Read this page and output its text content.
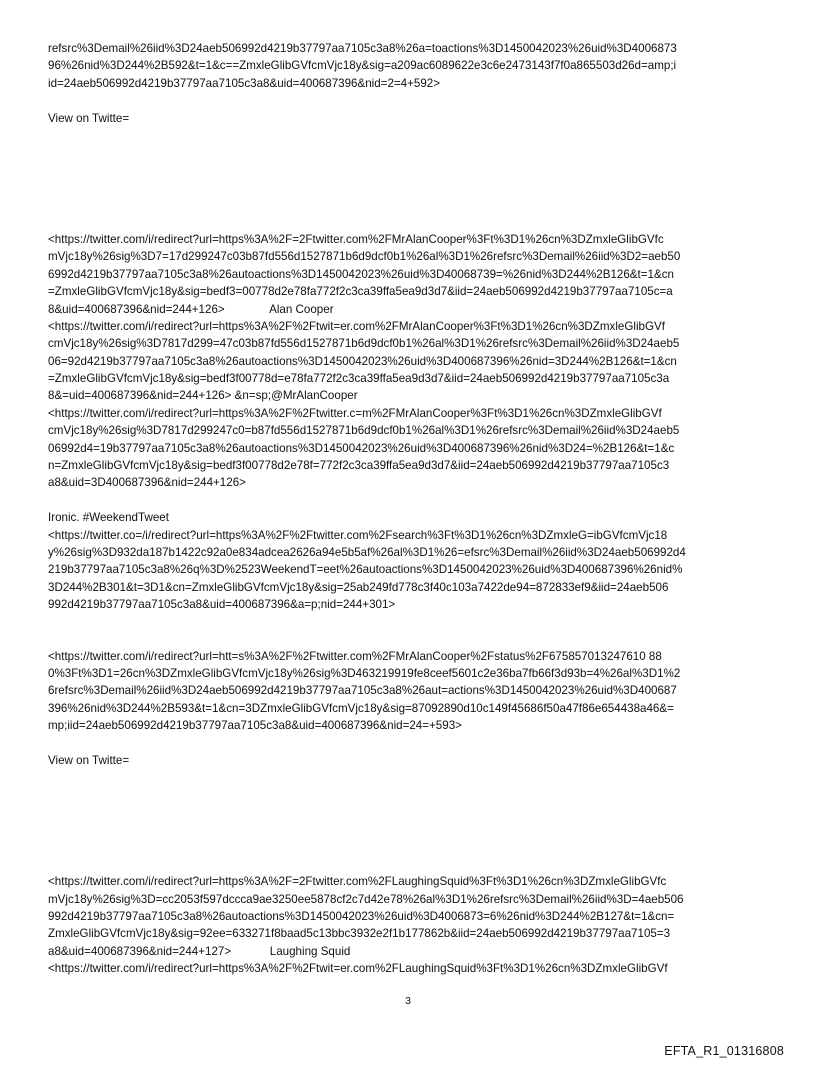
refsrc%3Demail%26iid%3D24aeb506992d4219b37797aa7105c3a8%26a=toactions%3D1450042023%26uid%3D4006873
96%26nid%3D244%2B592&t=1&c==ZmxleGlibGVfcmVjc18y&sig=a209ac6089622e3c6e2473143f7f0a865503d26d=amp;i
id=24aeb506992d4219b37797aa7105c3a8&uid=400687396&nid=2=4+592>
View on Twitte=
<https://twitter.com/i/redirect?url=https%3A%2F=2Ftwitter.com%2FMrAlanCooper%3Ft%3D1%26cn%3DZmxleGlibGVfc
mVjc18y%26sig%3D7=17d299247c03b87fd556d1527871b6d9dcf0b1%26al%3D1%26refsrc%3Demail%26iid%3D2=aeb50
6992d4219b37797aa7105c3a8%26autoactions%3D1450042023%26uid%3D40068739=%26nid%3D244%2B126&t=1&cn
=ZmxleGlibGVfcmVjc18y&sig=bedf3=00778d2e78fa772f2c3ca39ffa5ea9d3d7&iid=24aeb506992d4219b37797aa7105c=a
8&uid=400687396&nid=244+126>              Alan Cooper
<https://twitter.com/i/redirect?url=https%3A%2F%2Ftwit=er.com%2FMrAlanCooper%3Ft%3D1%26cn%3DZmxleGlibGVf
cmVjc18y%26sig%3D7817d299=47c03b87fd556d1527871b6d9dcf0b1%26al%3D1%26refsrc%3Demail%26iid%3D24aeb5
06=92d4219b37797aa7105c3a8%26autoactions%3D1450042023%26uid%3D400687396%26nid=3D244%2B126&t=1&cn
=ZmxleGlibGVfcmVjc18y&sig=bedf3f00778d=e78fa772f2c3ca39ffa5ea9d3d7&iid=24aeb506992d4219b37797aa7105c3a
8&=uid=400687396&nid=244+126> &n=sp;@MrAlanCooper
<https://twitter.com/i/redirect?url=https%3A%2F%2Ftwitter.c=m%2FMrAlanCooper%3Ft%3D1%26cn%3DZmxleGlibGVf
cmVjc18y%26sig%3D7817d299247c0=b87fd556d1527871b6d9dcf0b1%26al%3D1%26refsrc%3Demail%26iid%3D24aeb5
06992d4=19b37797aa7105c3a8%26autoactions%3D1450042023%26uid%3D400687396%26nid%3D24=%2B126&t=1&c
n=ZmxleGlibGVfcmVjc18y&sig=bedf3f00778d2e78f=772f2c3ca39ffa5ea9d3d7&iid=24aeb506992d4219b37797aa7105c3
a8&uid=3D400687396&nid=244+126>
Ironic. #WeekendTweet
<https://twitter.co=/i/redirect?url=https%3A%2F%2Ftwitter.com%2Fsearch%3Ft%3D1%26cn%3DZmxleG=ibGVfcmVjc18
y%26sig%3D932da187b1422c92a0e834adcea2626a94e5b5af%26al%3D1%26=efsrc%3Demail%26iid%3D24aeb506992d4
219b37797aa7105c3a8%26q%3D%2523WeekendT=eet%26autoactions%3D1450042023%26uid%3D400687396%26nid%
3D244%2B301&t=3D1&cn=ZmxleGlibGVfcmVjc18y&sig=25ab249fd778c3f40c103a7422de94=872833ef9&iid=24aeb506
992d4219b37797aa7105c3a8&uid=400687396&a=p;nid=244+301>
<https://twitter.com/i/redirect?url=htt=s%3A%2F%2Ftwitter.com%2FMrAlanCooper%2Fstatus%2F675857013247610 88
0%3Ft%3D1=26cn%3DZmxleGlibGVfcmVjc18y%26sig%3D463219919fe8ceef5601c2e36ba7fb66f3d93b=4%26al%3D1%2
6refsrc%3Demail%26iid%3D24aeb506992d4219b37797aa7105c3a8%26aut=actions%3D1450042023%26uid%3D400687
396%26nid%3D244%2B593&t=1&cn=3DZmxleGlibGVfcmVjc18y&sig=87092890d10c149f45686f50a47f86e654438a46&=
mp;iid=24aeb506992d4219b37797aa7105c3a8&uid=400687396&nid=24=+593>
View on Twitte=
<https://twitter.com/i/redirect?url=https%3A%2F=2Ftwitter.com%2FLaughingSquid%3Ft%3D1%26cn%3DZmxleGlibGVfc
mVjc18y%26sig%3D=cc2053f597dccca9ae3250ee5878cf2c7d42e78%26al%3D1%26refsrc%3Demail%26iid%3D=4aeb506
992d4219b37797aa7105c3a8%26autoactions%3D1450042023%26uid%3D4006873=6%26nid%3D244%2B127&t=1&cn=
ZmxleGlibGVfcmVjc18y&sig=92ee=633271f8baad5c13bbc3932e2f1b177862b&iid=24aeb506992d4219b37797aa7105=3
a8&uid=400687396&nid=244+127>            Laughing Squid
<https://twitter.com/i/redirect?url=https%3A%2F%2Ftwit=er.com%2FLaughingSquid%3Ft%3D1%26cn%3DZmxleGlibGVf
3
EFTA_R1_01316808
